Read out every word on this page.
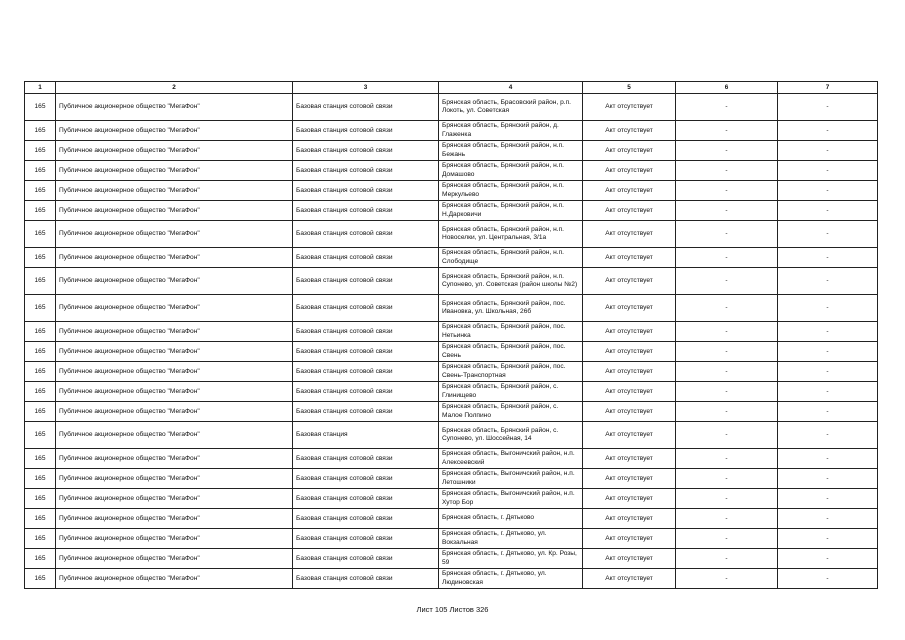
1	2	3	4	5	6	7
165	Публичное акционерное общество "МегаФон"	Базовая станция сотовой связи	Брянская область, Брасовский район, р.п. Локоть, ул. Советская	Акт отсутствует	-	-
165	Публичное акционерное общество "МегаФон"	Базовая станция сотовой связи	Брянская область, Брянский район, д. Глаженка	Акт отсутствует	-	-
165	Публичное акционерное общество "МегаФон"	Базовая станция сотовой связи	Брянская область, Брянский район, н.п. Бежань	Акт отсутствует	-	-
165	Публичное акционерное общество "МегаФон"	Базовая станция сотовой связи	Брянская область, Брянский район, н.п. Домашово	Акт отсутствует	-	-
165	Публичное акционерное общество "МегаФон"	Базовая станция сотовой связи	Брянская область, Брянский район, н.п. Меркульево	Акт отсутствует	-	-
165	Публичное акционерное общество "МегаФон"	Базовая станция сотовой связи	Брянская область, Брянский район, н.п. Н.Дарковичи	Акт отсутствует	-	-
165	Публичное акционерное общество "МегаФон"	Базовая станция сотовой связи	Брянская область, Брянский район, н.п. Новоселки, ул. Центральная, 3/1а	Акт отсутствует	-	-
165	Публичное акционерное общество "МегаФон"	Базовая станция сотовой связи	Брянская область, Брянский район, н.п. Слободище	Акт отсутствует	-	-
165	Публичное акционерное общество "МегаФон"	Базовая станция сотовой связи	Брянская область, Брянский район, н.п. Супонево, ул. Советская (район школы №2)	Акт отсутствует	-	-
165	Публичное акционерное общество "МегаФон"	Базовая станция сотовой связи	Брянская область, Брянский район, пос. Ивановка, ул. Школьная, 26б	Акт отсутствует	-	-
165	Публичное акционерное общество "МегаФон"	Базовая станция сотовой связи	Брянская область, Брянский район, пос. Нетьинка	Акт отсутствует	-	-
165	Публичное акционерное общество "МегаФон"	Базовая станция сотовой связи	Брянская область, Брянский район, пос. Свень	Акт отсутствует	-	-
165	Публичное акционерное общество "МегаФон"	Базовая станция сотовой связи	Брянская область, Брянский район, пос. Свень-Транспортная	Акт отсутствует	-	-
165	Публичное акционерное общество "МегаФон"	Базовая станция сотовой связи	Брянская область, Брянский район, с. Глинищево	Акт отсутствует	-	-
165	Публичное акционерное общество "МегаФон"	Базовая станция сотовой связи	Брянская область, Брянский район, с. Малое Полпино	Акт отсутствует	-	-
165	Публичное акционерное общество "МегаФон"	Базовая станция	Брянская область, Брянский район, с. Супонево, ул. Шоссейная, 14	Акт отсутствует	-	-
165	Публичное акционерное общество "МегаФон"	Базовая станция сотовой связи	Брянская область, Выгоничский район, н.п. Алексеевский	Акт отсутствует	-	-
165	Публичное акционерное общество "МегаФон"	Базовая станция сотовой связи	Брянская область, Выгоничский район, н.п. Летошники	Акт отсутствует	-	-
165	Публичное акционерное общество "МегаФон"	Базовая станция сотовой связи	Брянская область, Выгоничский район, н.п. Хутор Бор	Акт отсутствует	-	-
165	Публичное акционерное общество "МегаФон"	Базовая станция сотовой связи	Брянская область, г. Дятьково	Акт отсутствует	-	-
165	Публичное акционерное общество "МегаФон"	Базовая станция сотовой связи	Брянская область, г. Дятьково, ул. Вокзальная	Акт отсутствует	-	-
165	Публичное акционерное общество "МегаФон"	Базовая станция сотовой связи	Брянская область, г. Дятьково, ул. Кр. Розы, 59	Акт отсутствует	-	-
165	Публичное акционерное общество "МегаФон"	Базовая станция сотовой связи	Брянская область, г. Дятьково, ул. Людиновская	Акт отсутствует	-	-
Лист 105 Листов 326
